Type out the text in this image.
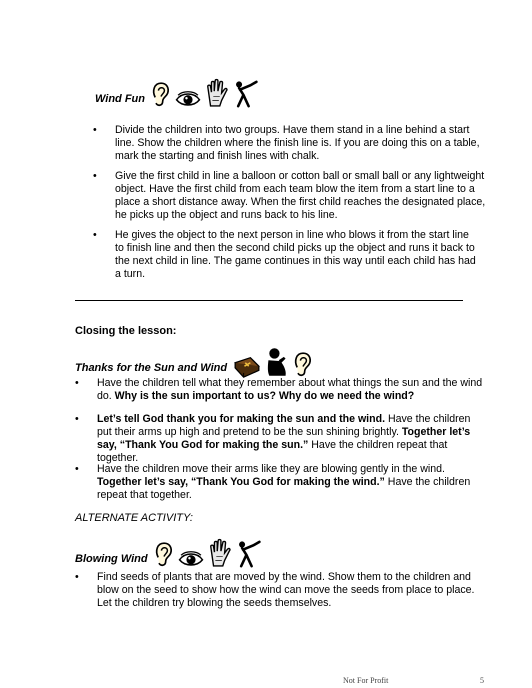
Wind Fun
• Divide the children into two groups. Have them stand in a line behind a start line. Show the children where the finish line is. If you are doing this on a table, mark the starting and finish lines with chalk.
• Give the first child in line a balloon or cotton ball or small ball or any lightweight object. Have the first child from each team blow the item from a start line to a place a short distance away. When the first child reaches the designated place, he picks up the object and runs back to his line.
• He gives the object to the next person in line who blows it from the start line to finish line and then the second child picks up the object and runs it back to the next child in line. The game continues in this way until each child has had a turn.
Closing the lesson:
Thanks for the Sun and Wind
• Have the children tell what they remember about what things the sun and the wind do. Why is the sun important to us? Why do we need the wind?
• Let’s tell God thank you for making the sun and the wind. Have the children put their arms up high and pretend to be the sun shining brightly. Together let’s say, “Thank You God for making the sun.” Have the children repeat that together.
• Have the children move their arms like they are blowing gently in the wind. Together let’s say, “Thank You God for making the wind.” Have the children repeat that together.
ALTERNATE ACTIVITY:
Blowing Wind
• Find seeds of plants that are moved by the wind. Show them to the children and blow on the seed to show how the wind can move the seeds from place to place. Let the children try blowing the seeds themselves.
Not For Profit	5
